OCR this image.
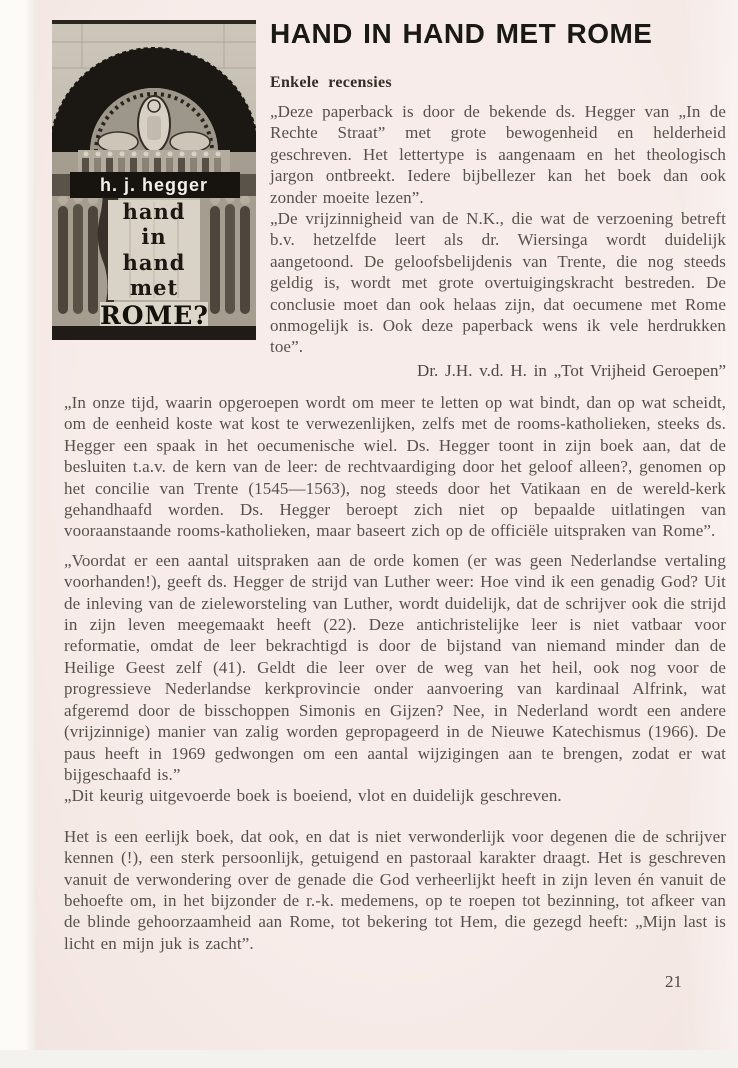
h. j. hegger
hand
in
hand
met
ROME?
HAND IN HAND MET ROME
Enkele recensies

„Deze paperback is door de bekende ds. Hegger van „In de Rechte Straat” met grote bewogenheid en helderheid geschreven. Het lettertype is aangenaam en het theologisch jargon ontbreekt. Iedere bijbellezer kan het boek dan ook zonder moeite lezen”.

„De vrijzinnigheid van de N.K., die wat de verzoening betreft b.v. hetzelfde leert als dr. Wiersinga wordt duidelijk aangetoond. De geloofsbelijdenis van Trente, die nog steeds geldig is, wordt met grote overtuigingskracht bestreden. De conclusie moet dan ook helaas zijn, dat oecumene met Rome onmogelijk is. Ook deze paperback wens ik vele herdrukken toe”.

Dr. J.H. v.d. H. in „Tot Vrijheid Geroepen”

„In onze tijd, waarin opgeroepen wordt om meer te letten op wat bindt, dan op wat scheidt, om de eenheid koste wat kost te verwezenlijken, zelfs met de rooms-katholieken, steeks ds. Hegger een spaak in het oecumenische wiel. Ds. Hegger toont in zijn boek aan, dat de besluiten t.a.v. de kern van de leer: de rechtvaardiging door het geloof alleen?, genomen op het concilie van Trente (1545—1563), nog steeds door het Vatikaan en de wereld-kerk gehandhaafd worden. Ds. Hegger beroept zich niet op bepaalde uitlatingen van vooraanstaande rooms-katholieken, maar baseert zich op de officiële uitspraken van Rome”.

„Voordat er een aantal uitspraken aan de orde komen (er was geen Nederlandse vertaling voorhanden!), geeft ds. Hegger de strijd van Luther weer: Hoe vind ik een genadig God? Uit de inleving van de zieleworsteling van Luther, wordt duidelijk, dat de schrijver ook die strijd in zijn leven meegemaakt heeft (22). Deze antichristelijke leer is niet vatbaar voor reformatie, omdat de leer bekrachtigd is door de bijstand van niemand minder dan de Heilige Geest zelf (41). Geldt die leer over de weg van het heil, ook nog voor de progressieve Nederlandse kerkprovincie onder aanvoering van kardinaal Alfrink, wat afgeremd door de bisschoppen Simonis en Gijzen? Nee, in Nederland wordt een andere (vrijzinnige) manier van zalig worden gepropageerd in de Nieuwe Katechismus (1966). De paus heeft in 1969 gedwongen om een aantal wijzigingen aan te brengen, zodat er wat bijgeschaafd is.”

„Dit keurig uitgevoerde boek is boeiend, vlot en duidelijk geschreven.

Het is een eerlijk boek, dat ook, en dat is niet verwonderlijk voor degenen die de schrijver kennen (!), een sterk persoonlijk, getuigend en pastoraal karakter draagt. Het is geschreven vanuit de verwondering over de genade die God verheerlijkt heeft in zijn leven én vanuit de behoefte om, in het bijzonder de r.-k. medemens, op te roepen tot bezinning, tot afkeer van de blinde gehoorzaamheid aan Rome, tot bekering tot Hem, die gezegd heeft: „Mijn last is licht en mijn juk is zacht”.

21
